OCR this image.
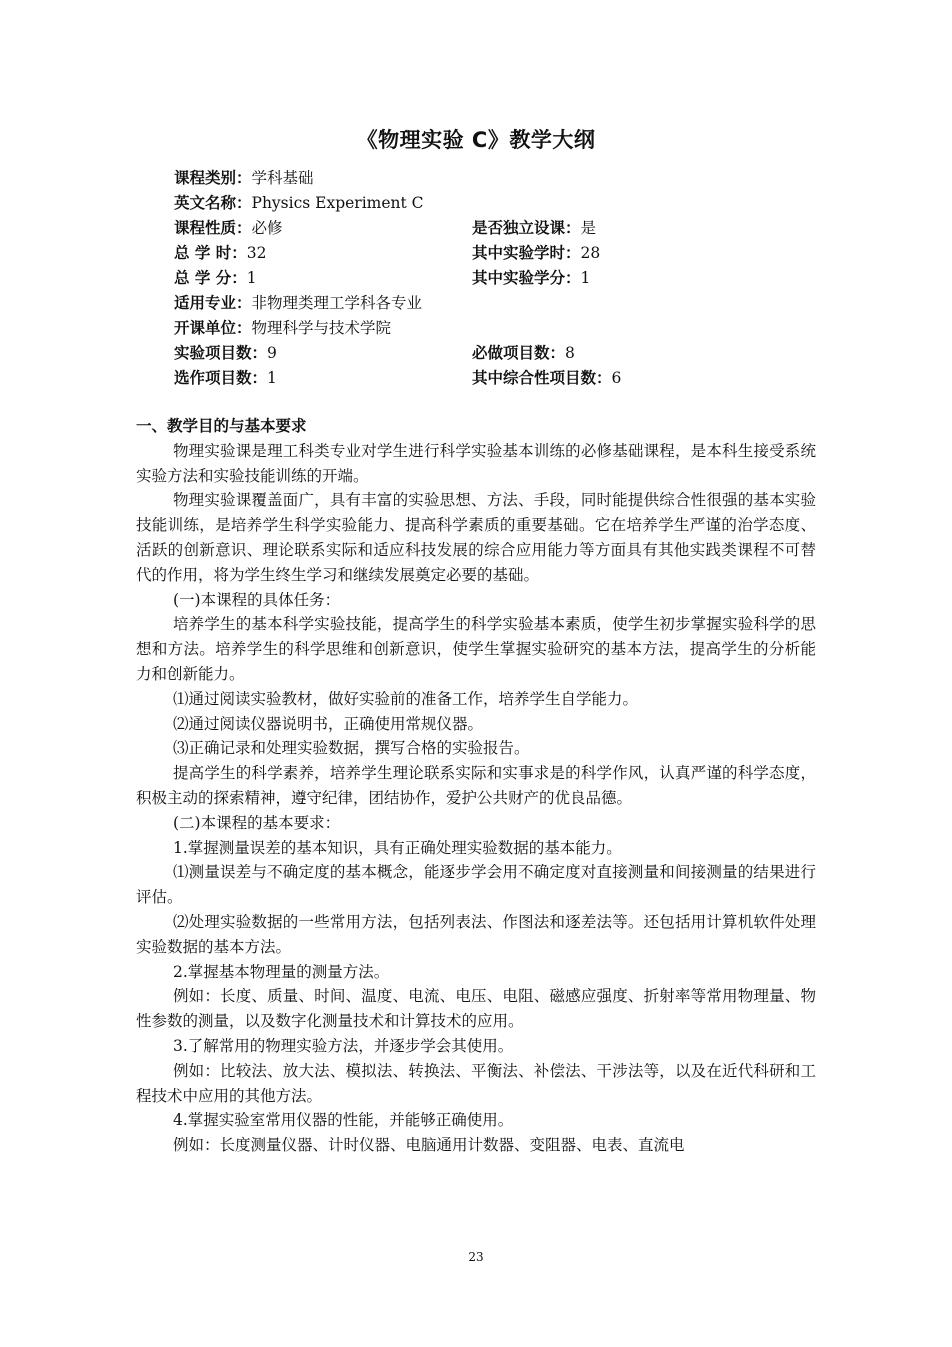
《物理实验 C》教学大纲
课程类别：学科基础
英文名称：Physics Experiment C
课程性质：必修	是否独立设课：是
总 学 时：32	其中实验学时：28
总 学 分：1	其中实验学分：1
适用专业：非物理类理工学科各专业
开课单位：物理科学与技术学院
实验项目数：9	必做项目数：8
选作项目数：1	其中综合性项目数：6
一、教学目的与基本要求

物理实验课是理工科类专业对学生进行科学实验基本训练的必修基础课程，是本科生接受系统实验方法和实验技能训练的开端。

物理实验课覆盖面广，具有丰富的实验思想、方法、手段，同时能提供综合性很强的基本实验技能训练，是培养学生科学实验能力、提高科学素质的重要基础。它在培养学生严谨的治学态度、活跃的创新意识、理论联系实际和适应科技发展的综合应用能力等方面具有其他实践类课程不可替代的作用，将为学生终生学习和继续发展奠定必要的基础。

(一)本课程的具体任务：

培养学生的基本科学实验技能，提高学生的科学实验基本素质，使学生初步掌握实验科学的思想和方法。培养学生的科学思维和创新意识，使学生掌握实验研究的基本方法，提高学生的分析能力和创新能力。

⑴通过阅读实验教材，做好实验前的准备工作，培养学生自学能力。

⑵通过阅读仪器说明书，正确使用常规仪器。

⑶正确记录和处理实验数据，撰写合格的实验报告。

提高学生的科学素养，培养学生理论联系实际和实事求是的科学作风，认真严谨的科学态度，积极主动的探索精神，遵守纪律，团结协作，爱护公共财产的优良品德。

(二)本课程的基本要求：

1.掌握测量误差的基本知识，具有正确处理实验数据的基本能力。

⑴测量误差与不确定度的基本概念，能逐步学会用不确定度对直接测量和间接测量的结果进行评估。

⑵处理实验数据的一些常用方法，包括列表法、作图法和逐差法等。还包括用计算机软件处理实验数据的基本方法。

2.掌握基本物理量的测量方法。

例如：长度、质量、时间、温度、电流、电压、电阻、磁感应强度、折射率等常用物理量、物性参数的测量，以及数字化测量技术和计算技术的应用。

3.了解常用的物理实验方法，并逐步学会其使用。

例如：比较法、放大法、模拟法、转换法、平衡法、补偿法、干涉法等，以及在近代科研和工程技术中应用的其他方法。

4.掌握实验室常用仪器的性能，并能够正确使用。

例如：长度测量仪器、计时仪器、电脑通用计数器、变阻器、电表、直流电

23
